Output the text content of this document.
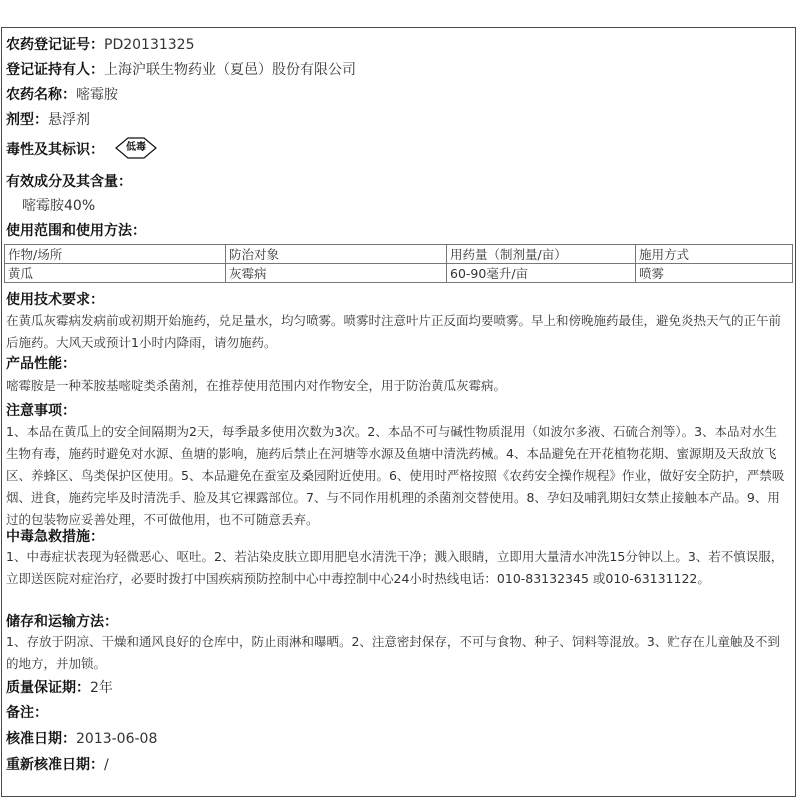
农药登记证号：PD20131325
登记证持有人：上海沪联生物药业（夏邑）股份有限公司
农药名称：嘧霉胺
剂型：悬浮剂
毒性及其标识：	低毒
有效成分及其含量：
嘧霉胺40%
使用范围和使用方法：
作物/场所	防治对象	用药量（制剂量/亩）	施用方式
黄瓜	灰霉病	60-90毫升/亩	喷雾
使用技术要求：
在黄瓜灰霉病发病前或初期开始施药，兑足量水，均匀喷雾。喷雾时注意叶片正反面均要喷雾。早上和傍晚施药最佳，避免炎热天气的正午前后施药。大风天或预计1小时内降雨，请勿施药。
产品性能：
嘧霉胺是一种苯胺基嘧啶类杀菌剂，在推荐使用范围内对作物安全，用于防治黄瓜灰霉病。
注意事项：
1、本品在黄瓜上的安全间隔期为2天，每季最多使用次数为3次。2、本品不可与碱性物质混用（如波尔多液、石硫合剂等）。3、本品对水生生物有毒，施药时避免对水源、鱼塘的影响，施药后禁止在河塘等水源及鱼塘中清洗药械。4、本品避免在开花植物花期、蜜源期及天敌放飞区、养蜂区、鸟类保护区使用。5、本品避免在蚕室及桑园附近使用。6、使用时严格按照《农药安全操作规程》作业，做好安全防护，严禁吸烟、进食，施药完毕及时清洗手、脸及其它裸露部位。7、与不同作用机理的杀菌剂交替使用。8、孕妇及哺乳期妇女禁止接触本产品。9、用过的包装物应妥善处理，不可做他用，也不可随意丢弃。
中毒急救措施：
1、中毒症状表现为轻微恶心、呕吐。2、若沾染皮肤立即用肥皂水清洗干净；溅入眼睛，立即用大量清水冲洗15分钟以上。3、若不慎误服，立即送医院对症治疗，必要时拨打中国疾病预防控制中心中毒控制中心24小时热线电话：010-83132345 或010-63131122。
储存和运输方法：
1、存放于阴凉、干燥和通风良好的仓库中，防止雨淋和曝晒。2、注意密封保存，不可与食物、种子、饲料等混放。3、贮存在儿童触及不到的地方，并加锁。
质量保证期：2年
备注：
核准日期：2013-06-08
重新核准日期：/
